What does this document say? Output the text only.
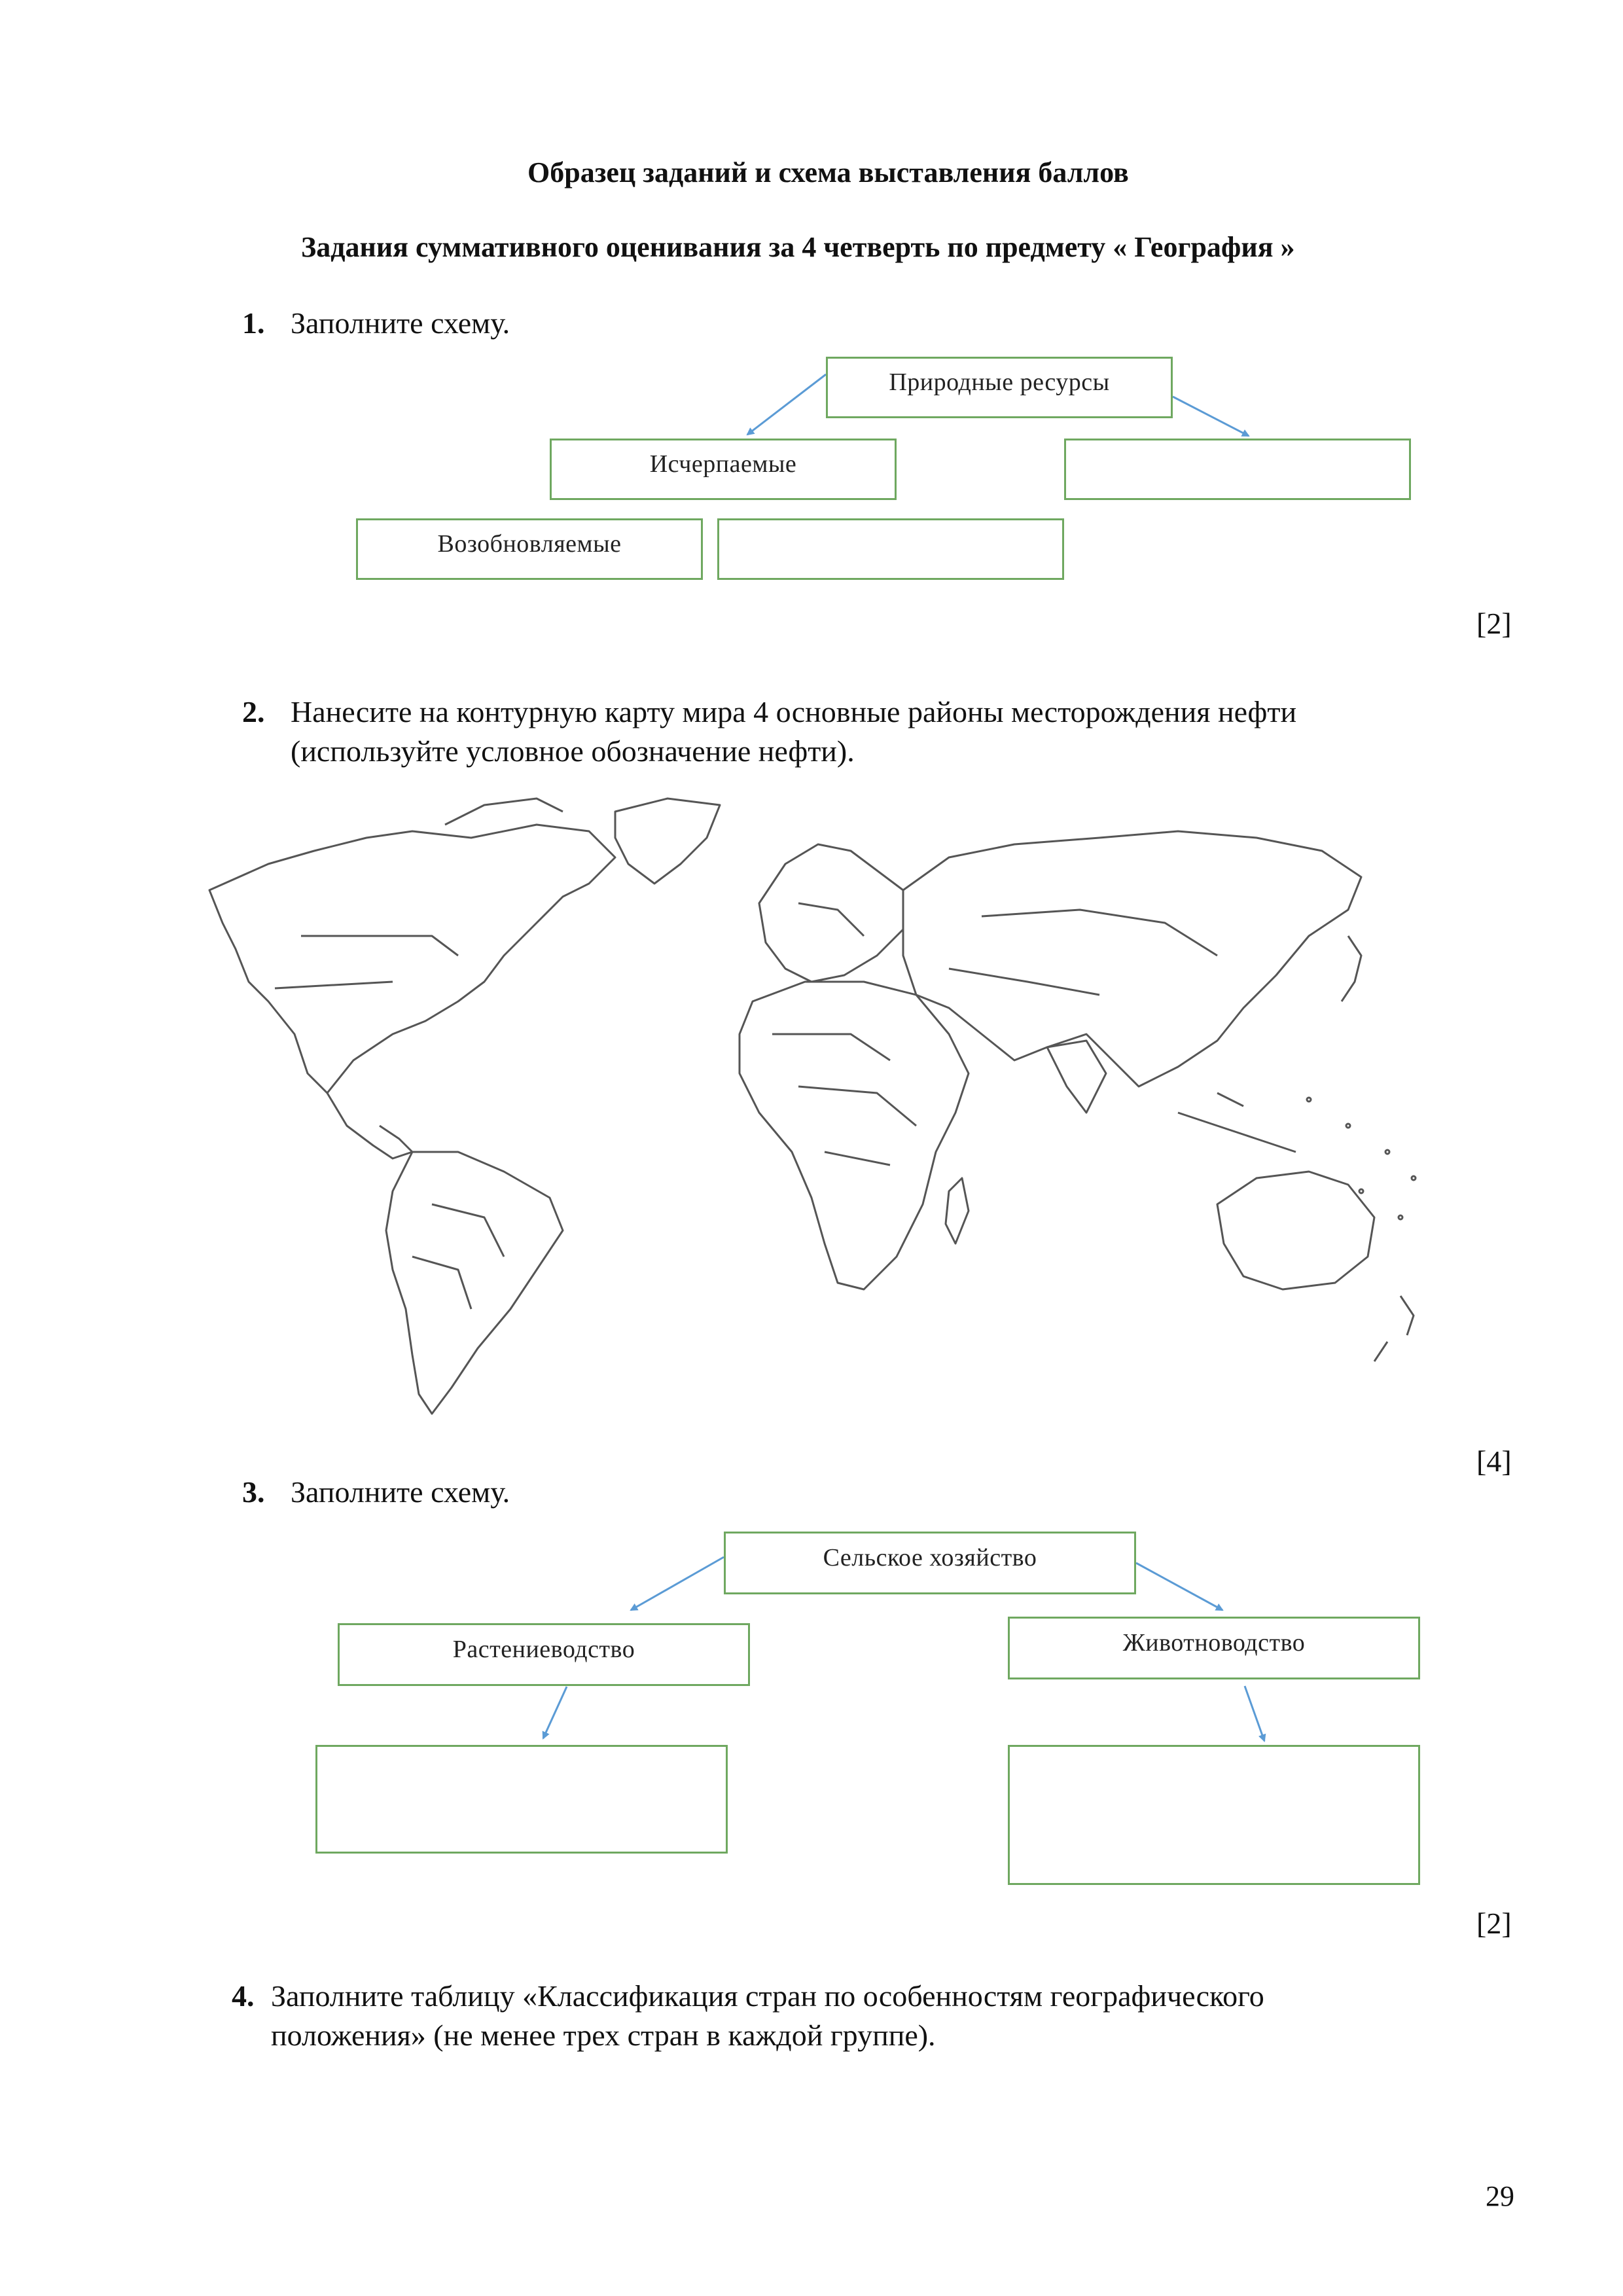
Образец заданий и схема выставления баллов
Задания суммативного оценивания за 4 четверть по предмету « География »
1. Заполните схему.
Природные ресурсы
Исчерпаемые
Возобновляемые
[2]
2. Нанесите на контурную карту мира 4 основные районы месторождения нефти
(используйте условное обозначение нефти).
[4]
3. Заполните схему.
Сельское хозяйство
Растениеводство	Животноводство
[2]
4. Заполните таблицу «Классификация стран по особенностям географического
положения» (не менее трех стран в каждой группе).
29
